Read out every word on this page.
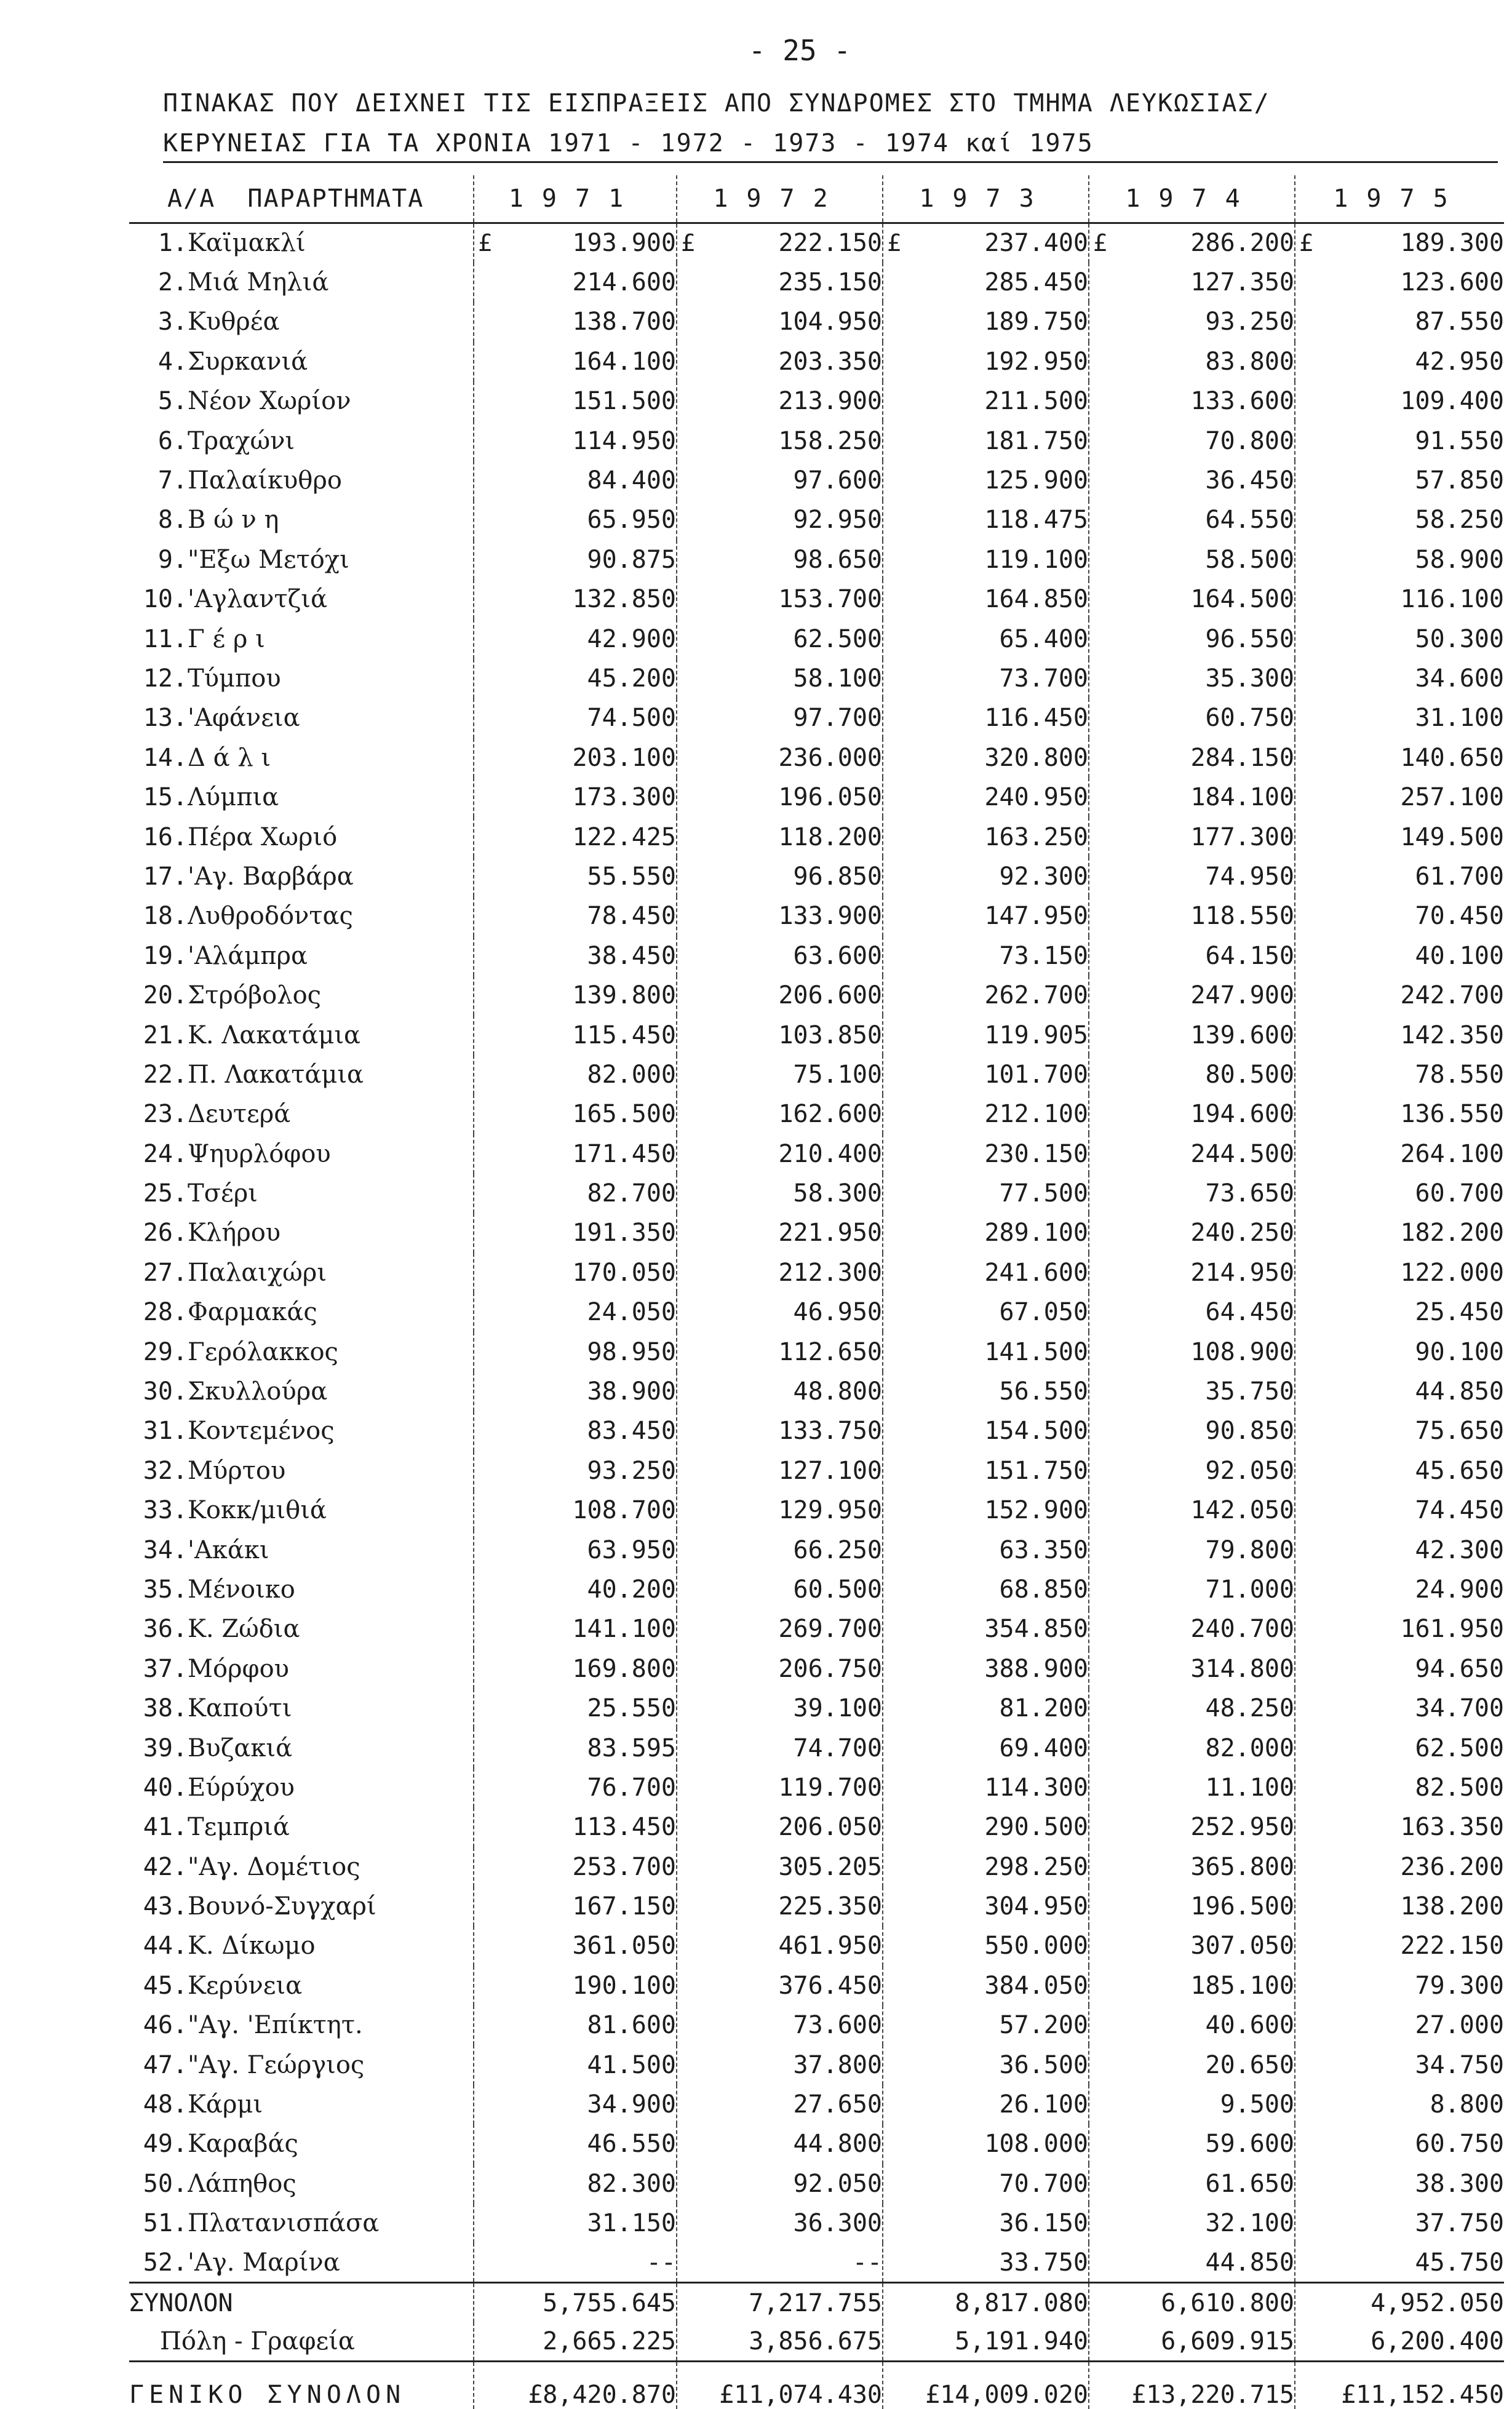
- 25 -
ΠΙΝΑΚΑΣ ΠΟΥ ΔΕΙΧΝΕΙ ΤΙΣ ΕΙΣΠΡΑΞΕΙΣ ΑΠΟ ΣΥΝΔΡΟΜΕΣ ΣΤΟ ΤΜΗΜΑ ΛΕΥΚΩΣΙΑΣ/
ΚΕΡΥΝΕΙΑΣ ΓΙΑ ΤΑ ΧΡΟΝΙΑ 1971 - 1972 - 1973 - 1974 καί 1975
Α/Α ΠΑΡΑΡΤΗΜΑΤΑ		1971	1972	1973	1974	1975
1.	Καϊμακλί	£ 193.900	£ 222.150	£ 237.400	£ 286.200	£ 189.300
2.	Μιά Μηλιά	214.600	235.150	285.450	127.350	123.600
3.	Κυθρέα	138.700	104.950	189.750	93.250	87.550
4.	Συρκανιά	164.100	203.350	192.950	83.800	42.950
5.	Νέον Χωρίον	151.500	213.900	211.500	133.600	109.400
6.	Τραχώνι	114.950	158.250	181.750	70.800	91.550
7.	Παλαίκυθρο	84.400	97.600	125.900	36.450	57.850
8.	Β ώ ν η	65.950	92.950	118.475	64.550	58.250
9.	"Εξω Μετόχι	90.875	98.650	119.100	58.500	58.900
10.	'Αγλαντζιά	132.850	153.700	164.850	164.500	116.100
11.	Γ έ ρ ι	42.900	62.500	65.400	96.550	50.300
12.	Τύμπου	45.200	58.100	73.700	35.300	34.600
13.	'Αφάνεια	74.500	97.700	116.450	60.750	31.100
14.	Δ ά λ ι	203.100	236.000	320.800	284.150	140.650
15.	Λύμπια	173.300	196.050	240.950	184.100	257.100
16.	Πέρα Χωριό	122.425	118.200	163.250	177.300	149.500
17.	'Αγ. Βαρβάρα	55.550	96.850	92.300	74.950	61.700
18.	Λυθροδόντας	78.450	133.900	147.950	118.550	70.450
19.	'Αλάμπρα	38.450	63.600	73.150	64.150	40.100
20.	Στρόβολος	139.800	206.600	262.700	247.900	242.700
21.	Κ. Λακατάμια	115.450	103.850	119.905	139.600	142.350
22.	Π. Λακατάμια	82.000	75.100	101.700	80.500	78.550
23.	Δευτερά	165.500	162.600	212.100	194.600	136.550
24.	Ψηυρλόφου	171.450	210.400	230.150	244.500	264.100
25.	Τσέρι	82.700	58.300	77.500	73.650	60.700
26.	Κλήρου	191.350	221.950	289.100	240.250	182.200
27.	Παλαιχώρι	170.050	212.300	241.600	214.950	122.000
28.	Φαρμακάς	24.050	46.950	67.050	64.450	25.450
29.	Γερόλακκος	98.950	112.650	141.500	108.900	90.100
30.	Σκυλλούρα	38.900	48.800	56.550	35.750	44.850
31.	Κοντεμένος	83.450	133.750	154.500	90.850	75.650
32.	Μύρτου	93.250	127.100	151.750	92.050	45.650
33.	Κοκκ/μιθιά	108.700	129.950	152.900	142.050	74.450
34.	'Ακάκι	63.950	66.250	63.350	79.800	42.300
35.	Μένοικο	40.200	60.500	68.850	71.000	24.900
36.	Κ. Ζώδια	141.100	269.700	354.850	240.700	161.950
37.	Μόρφου	169.800	206.750	388.900	314.800	94.650
38.	Καπούτι	25.550	39.100	81.200	48.250	34.700
39.	Βυζακιά	83.595	74.700	69.400	82.000	62.500
40.	Εύρύχου	76.700	119.700	114.300	11.100	82.500
41.	Τεμπριά	113.450	206.050	290.500	252.950	163.350
42.	"Αγ. Δομέτιος	253.700	305.205	298.250	365.800	236.200
43.	Βουνό-Συγχαρί	167.150	225.350	304.950	196.500	138.200
44.	Κ. Δίκωμο	361.050	461.950	550.000	307.050	222.150
45.	Κερύνεια	190.100	376.450	384.050	185.100	79.300
46.	"Αγ. 'Επίκτητ.	81.600	73.600	57.200	40.600	27.000
47.	"Αγ. Γεώργιος	41.500	37.800	36.500	20.650	34.750
48.	Κάρμι	34.900	27.650	26.100	9.500	8.800
49.	Καραβάς	46.550	44.800	108.000	59.600	60.750
50.	Λάπηθος	82.300	92.050	70.700	61.650	38.300
51.	Πλατανισπάσα	31.150	36.300	36.150	32.100	37.750
52.	'Αγ. Μαρίνα	--	--	33.750	44.850	45.750
ΣΥΝΟΛΟΝ		5,755.645	7,217.755	8,817.080	6,610.800	4,952.050
Πόλη - Γραφεία		2,665.225	3,856.675	5,191.940	6,609.915	6,200.400
ΓΕΝΙΚΟ ΣΥΝΟΛΟΝ		£8,420.870	£11,074.430	£14,009.020	£13,220.715	£11,152.450
